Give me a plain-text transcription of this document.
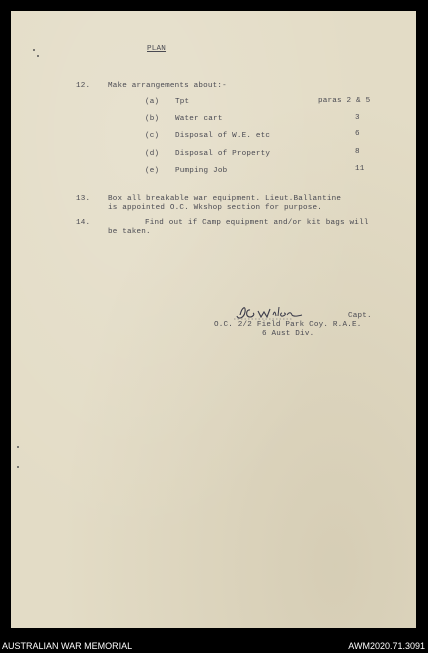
PLAN
12. Make arrangements about:-
(a) Tpt	paras 2 & 5
(b) Water cart	3
(c) Disposal of W.E. etc	6
(d) Disposal of Property	8
(e) Pumping Job	11
13. Box all breakable war equipment. Lieut.Ballantine
is appointed O.C. Wkshop section for purpose.
14.	Find out if Camp equipment and/or kit bags will
be taken.
Capt.
O.C. 2/2 Field Park Coy. R.A.E.
6 Aust Div.
AUSTRALIAN WAR MEMORIAL	AWM2020.71.3091
